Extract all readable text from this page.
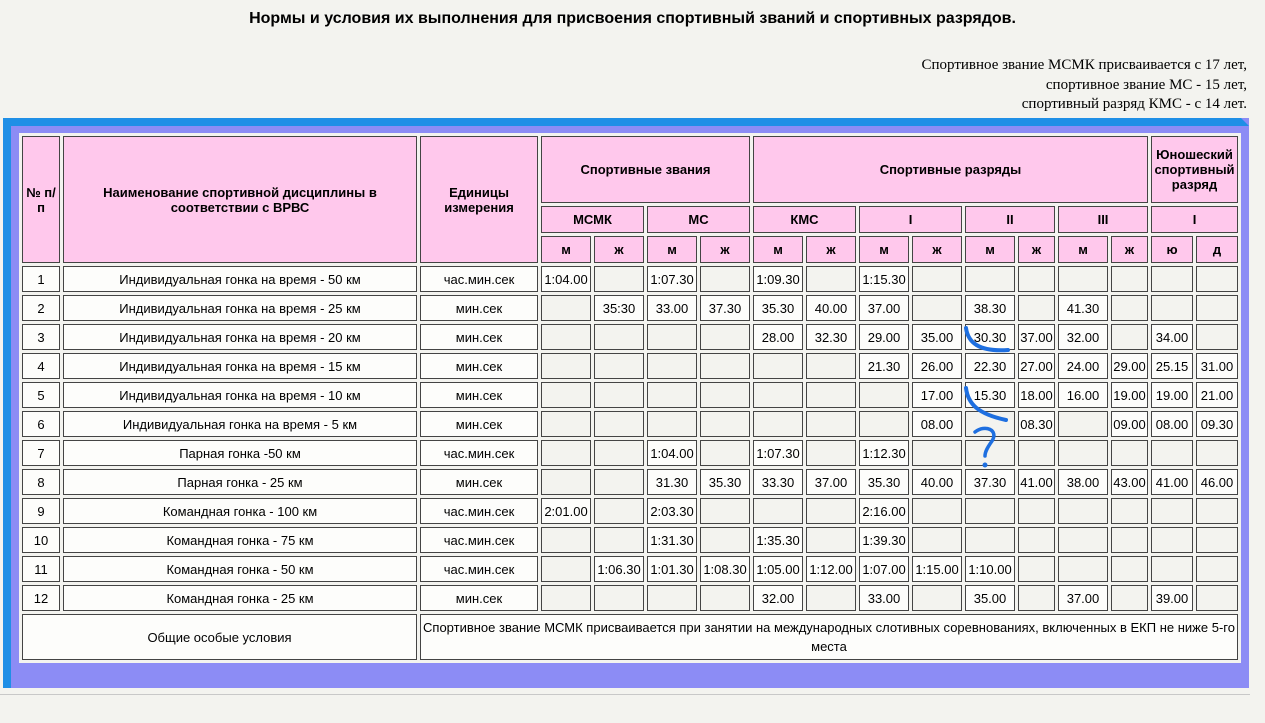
Нормы и условия их выполнения для присвоения спортивный званий и спортивных разрядов.
Спортивное звание МСМК присваивается с 17 лет,
спортивное звание МС - 15 лет,
спортивный разряд КМС - с 14 лет.
№ п/п	Наименование спортивной дисциплины в соответствии с ВРВС	Единицы измерения	Спортивные звания				Спортивные разряды								Юношеский спортивный разряд	
			МСМК		МС		КМС		I		II		III		I	
			м	ж	м	ж	м	ж	м	ж	м	ж	м	ж	ю	д
1	Индивидуальная гонка на время - 50 км	час.мин.сек	1:04.00		1:07.30		1:09.30		1:15.30							
2	Индивидуальная гонка на время - 25 км	мин.сек		35:30	33.00	37.30	35.30	40.00	37.00		38.30		41.30			
3	Индивидуальная гонка на время - 20 км	мин.сек					28.00	32.30	29.00	35.00	30.30	37.00	32.00		34.00	
4	Индивидуальная гонка на время - 15 км	мин.сек							21.30	26.00	22.30	27.00	24.00	29.00	25.15	31.00
5	Индивидуальная гонка на время - 10 км	мин.сек								17.00	15.30	18.00	16.00	19.00	19.00	21.00
6	Индивидуальная гонка на время - 5 км	мин.сек								08.00		08.30		09.00	08.00	09.30
7	Парная гонка -50 км	час.мин.сек			1:04.00		1:07.30		1:12.30							
8	Парная гонка - 25 км	мин.сек			31.30	35.30	33.30	37.00	35.30	40.00	37.30	41.00	38.00	43.00	41.00	46.00
9	Командная гонка - 100 км	час.мин.сек	2:01.00		2:03.30				2:16.00							
10	Командная гонка - 75 км	час.мин.сек			1:31.30		1:35.30		1:39.30							
11	Командная гонка - 50 км	час.мин.сек		1:06.30	1:01.30	1:08.30	1:05.00	1:12.00	1:07.00	1:15.00	1:10.00					
12	Командная гонка - 25 км	мин.сек					32.00		33.00		35.00		37.00		39.00	
Общие особые условия		Спортивное звание МСМК присваивается при занятии на международных слотивных соревнованиях, включенных в ЕКП не ниже 5-го места														
